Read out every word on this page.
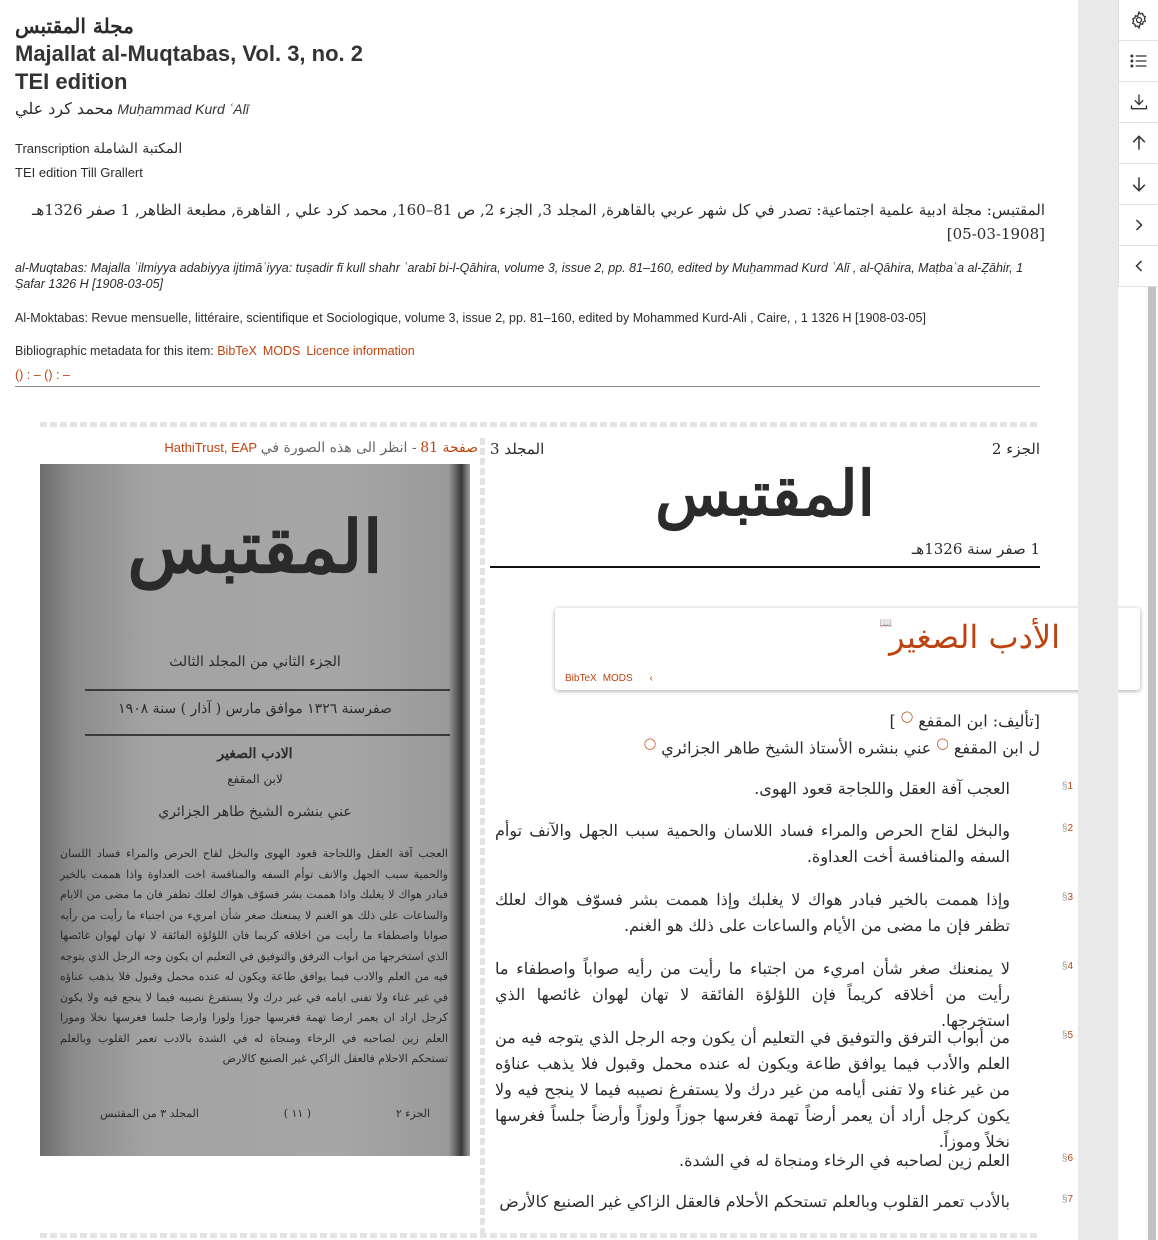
مجلة المقتبس
Majallat al-Muqtabas, Vol. 3, no. 2
TEI edition
محمد كرد علي Muḥammad Kurd ʿAlī
Transcription المكتبة الشاملة
TEI edition Till Grallert
المقتبس: مجلة ادبية علمية اجتماعية: تصدر في كل شهر عربي بالقاهرة, المجلد 3, الجزء 2, ص 81–160, محمد كرد علي , القاهرة, مطبعة الظاهر, 1 صفر 1326هـ [1908-03-05]
al-Muqtabas: Majalla ʿilmiyya adabiyya ijtimāʿiyya: tuṣadir fī kull shahr ʿarabī bi-l-Qāhira, volume 3, issue 2, pp. 81–160, edited by Muḥammad Kurd ʿAlī , al-Qāhira, Maṭbaʿa al-Ẓāhir, 1 Ṣafar 1326 H [1908-03-05]
Al-Moktabas: Revue mensuelle, littéraire, scientifique et Sociologique, volume 3, issue 2, pp. 81–160, edited by Mohammed Kurd-Ali , Caire, , 1 1326 H [1908-03-05]
Bibliographic metadata for this item: BibTeX MODS Licence information
() : – () : –
صفحة 81 - انظر الى هذه الصورة في HathiTrust, EAP
المقتبس
الجزء الثاني من المجلد الثالث
صفرسنة ١٣٢٦ موافق مارس ( آذار ) سنة ١٩٠٨
الادب الصغير
لابن المقفع
عني بنشره الشيخ طاهر الجزائري
العجب آفة العقل واللجاجة قعود الهوى والبخل لقاح الحرص والمراء فساد اللسان والحمية سبب الجهل والانف توأم السفه والمنافسة اخت العداوة واذا هممت بالخير فبادر هواك لا يغلبك واذا هممت بشر فسوّف هواك لعلك تظفر فان ما مضى من الايام والساعات على ذلك هو الغنم لا يمنعنك صغر شأن امريء من اجتباء ما رأيت من رأيه صوابا واصطفاء ما رأيت من اخلاقه كريما فان اللؤلؤة الفائقة لا تهان لهوان غائصها الذي استخرجها من ابواب الترفق والتوفيق في التعليم ان يكون وجه الرجل الذي يتوجه فيه من العلم والادب فيما يوافق طاعة ويكون له عنده محمل وقبول فلا يذهب عناؤه في غير غناء ولا تفنى ايامه في غير درك ولا يستفرغ نصيبه فيما لا ينجع فيه ولا يكون كرجل اراد ان يعمر ارضا تهمة فغرسها جوزا ولوزا وارضا جلسا فغرسها نخلا وموزا العلم زين لصاحبه في الرخاء ومنجاة له في الشدة بالادب تعمر القلوب وبالعلم تستحكم الاحلام فالعقل الزاكي غير الصنيع كالارض
الجزء ٢
( ١١ )
المجلد ٣ من المقتبس
الجزء 2
المجلد 3
المقتبس
1 صفر سنة 1326هـ
📖
الأدب الصغير
BibTeX MODS ‹
[تأليف: ابن المقفع ◯ ]
ل ابن المقفع ◯ عني بنشره الأستاذ الشيخ طاهر الجزائري ◯
§1
العجب آفة العقل واللجاجة قعود الهوى.
§2
والبخل لقاح الحرص والمراء فساد اللاسان والحمية سبب الجهل والآنف توأم السفه والمنافسة أخت العداوة.
§3
وإذا هممت بالخير فبادر هواك لا يغلبك وإذا هممت بشر فسوّف هواك لعلك تظفر فإن ما مضى من الأيام والساعات على ذلك هو الغنم.
§4
لا يمنعنك صغر شأن امريء من اجتباء ما رأيت من رأيه صواباً واصطفاء ما رأيت من أخلاقه كريماً فإن اللؤلؤة الفائقة لا تهان لهوان غائصها الذي استخرجها.
§5
من أبواب الترفق والتوفيق في التعليم أن يكون وجه الرجل الذي يتوجه فيه من العلم والأدب فيما يوافق طاعة ويكون له عنده محمل وقبول فلا يذهب عناؤه من غير غناء ولا تفنى أيامه من غير درك ولا يستفرغ نصيبه فيما لا ينجح فيه ولا يكون كرجل أراد أن يعمر أرضاً تهمة فغرسها جوزاً ولوزاً وأرضاً جلساً فغرسها نخلاً وموزاً.
§6
العلم زين لصاحبه في الرخاء ومنجاة له في الشدة.
§7
بالأدب تعمر القلوب وبالعلم تستحكم الأحلام فالعقل الزاكي غير الصنيع كالأرض
